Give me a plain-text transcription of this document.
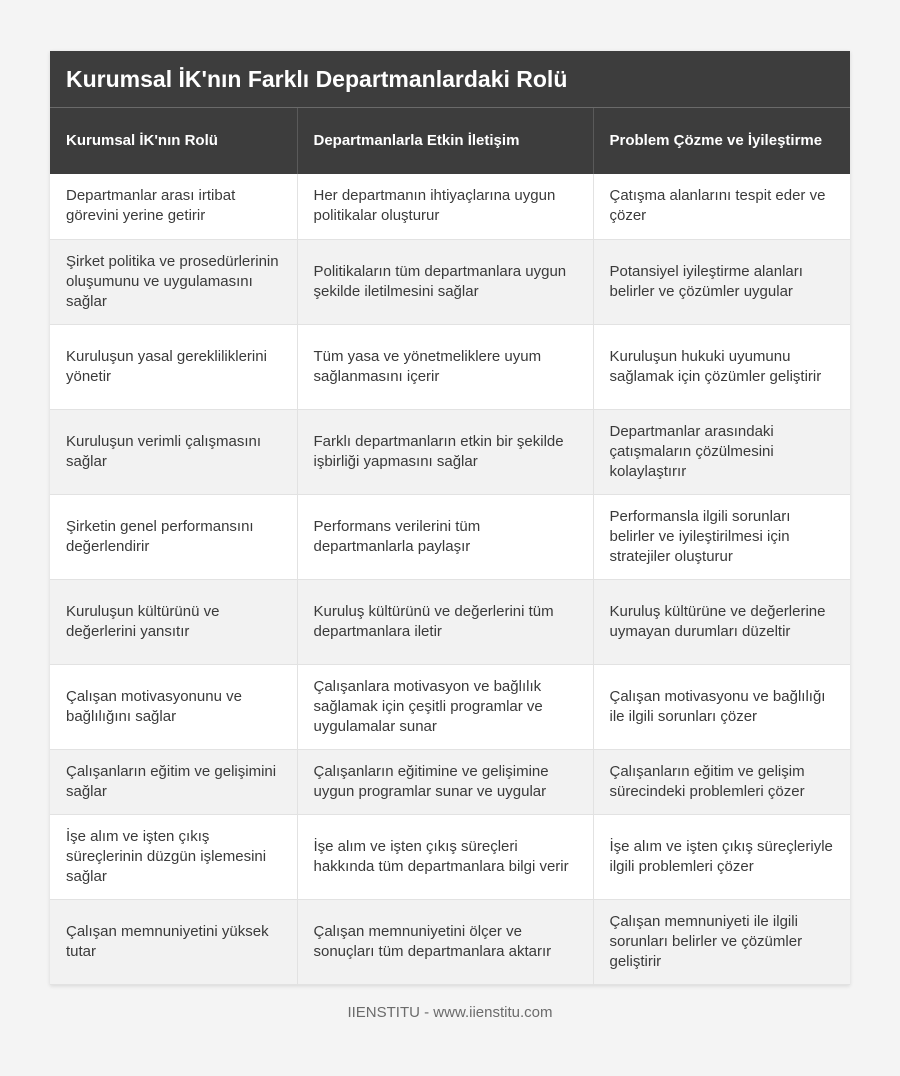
Kurumsal İK'nın Farklı Departmanlardaki Rolü
Kurumsal İK'nın Rolü	Departmanlarla Etkin İletişim	Problem Çözme ve İyileştirme
Departmanlar arası irtibat görevini yerine getirir	Her departmanın ihtiyaçlarına uygun politikalar oluşturur	Çatışma alanlarını tespit eder ve çözer
Şirket politika ve prosedürlerinin oluşumunu ve uygulamasını sağlar	Politikaların tüm departmanlara uygun şekilde iletilmesini sağlar	Potansiyel iyileştirme alanları belirler ve çözümler uygular
Kuruluşun yasal gerekliliklerini yönetir	Tüm yasa ve yönetmeliklere uyum sağlanmasını içerir	Kuruluşun hukuki uyumunu sağlamak için çözümler geliştirir
Kuruluşun verimli çalışmasını sağlar	Farklı departmanların etkin bir şekilde işbirliği yapmasını sağlar	Departmanlar arasındaki çatışmaların çözülmesini kolaylaştırır
Şirketin genel performansını değerlendirir	Performans verilerini tüm departmanlarla paylaşır	Performansla ilgili sorunları belirler ve iyileştirilmesi için stratejiler oluşturur
Kuruluşun kültürünü ve değerlerini yansıtır	Kuruluş kültürünü ve değerlerini tüm departmanlara iletir	Kuruluş kültürüne ve değerlerine uymayan durumları düzeltir
Çalışan motivasyonunu ve bağlılığını sağlar	Çalışanlara motivasyon ve bağlılık sağlamak için çeşitli programlar ve uygulamalar sunar	Çalışan motivasyonu ve bağlılığı ile ilgili sorunları çözer
Çalışanların eğitim ve gelişimini sağlar	Çalışanların eğitimine ve gelişimine uygun programlar sunar ve uygular	Çalışanların eğitim ve gelişim sürecindeki problemleri çözer
İşe alım ve işten çıkış süreçlerinin düzgün işlemesini sağlar	İşe alım ve işten çıkış süreçleri hakkında tüm departmanlara bilgi verir	İşe alım ve işten çıkış süreçleriyle ilgili problemleri çözer
Çalışan memnuniyetini yüksek tutar	Çalışan memnuniyetini ölçer ve sonuçları tüm departmanlara aktarır	Çalışan memnuniyeti ile ilgili sorunları belirler ve çözümler geliştirir
IIENSTITU - www.iienstitu.com
